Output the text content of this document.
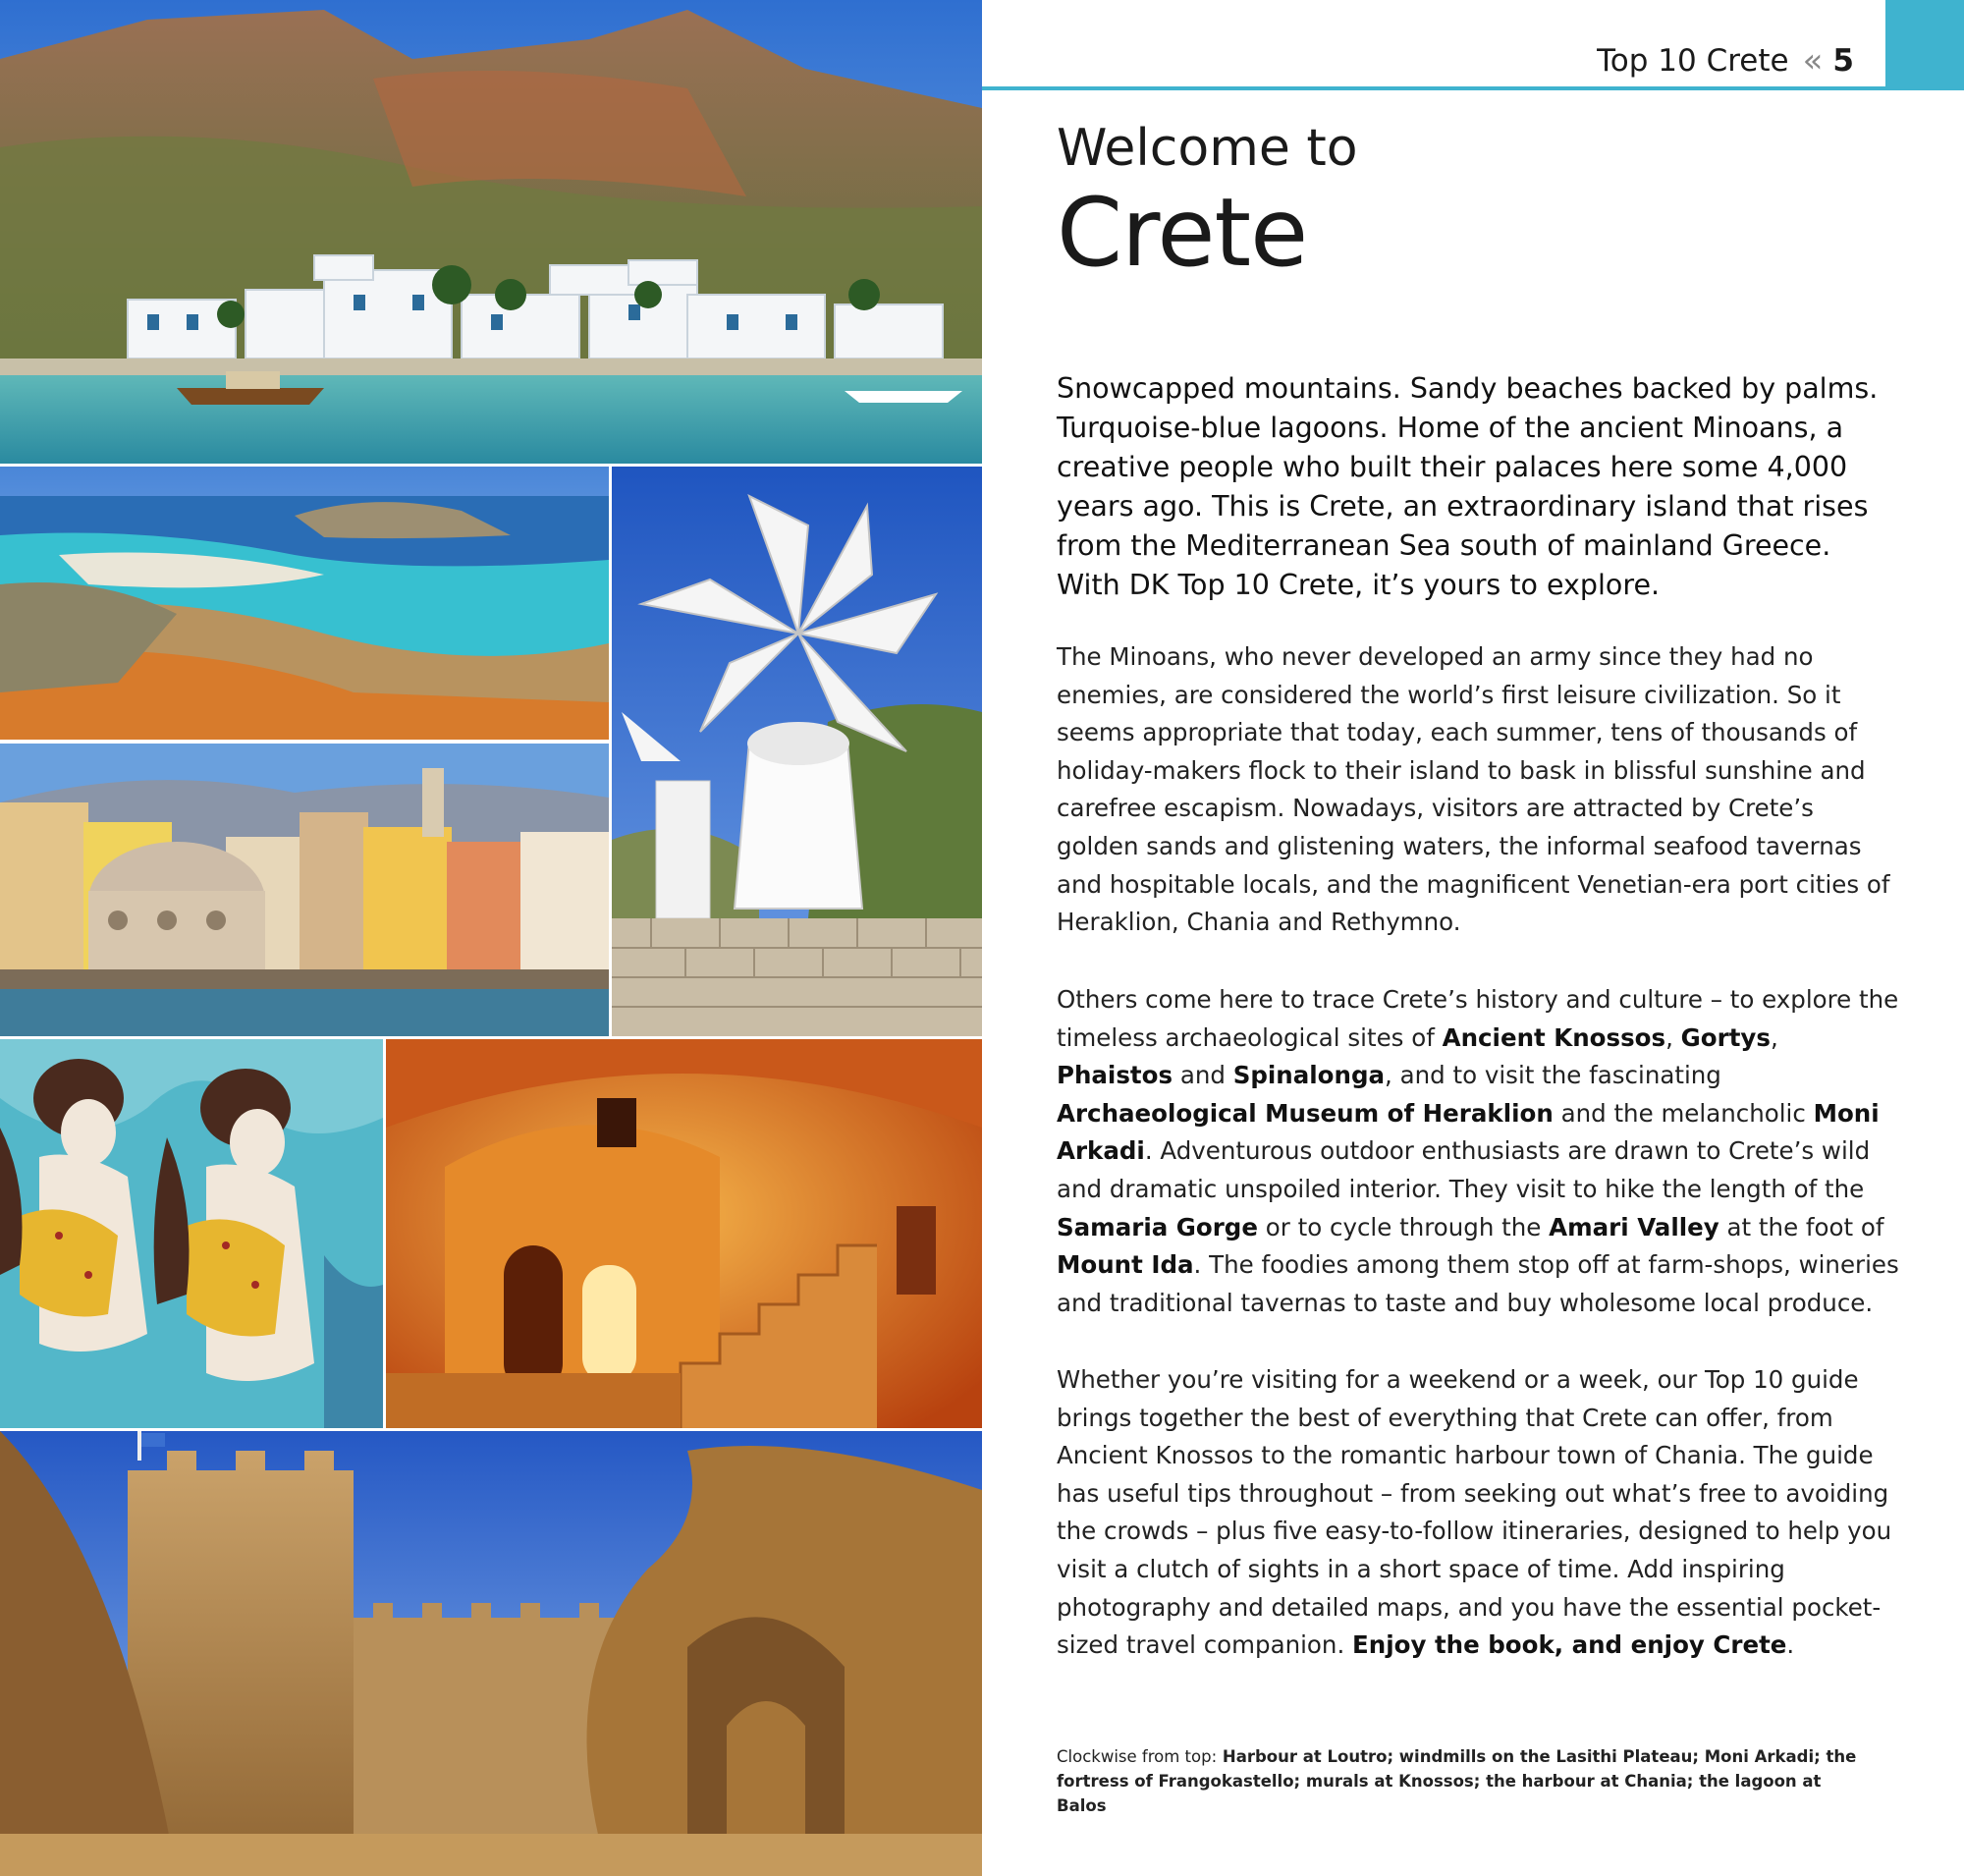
Top 10 Crete « 5
Welcome to
Crete

Snowcapped mountains. Sandy beaches backed by palms. Turquoise-blue lagoons. Home of the ancient Minoans, a creative people who built their palaces here some 4,000 years ago. This is Crete, an extraordinary island that rises from the Mediterranean Sea south of mainland Greece. With DK Top 10 Crete, it’s yours to explore.

The Minoans, who never developed an army since they had no enemies, are considered the world’s first leisure civilization. So it seems appropriate that today, each summer, tens of thousands of holiday-makers flock to their island to bask in blissful sunshine and carefree escapism. Nowadays, visitors are attracted by Crete’s golden sands and glistening waters, the informal seafood tavernas and hospitable locals, and the magnificent Venetian-era port cities of Heraklion, Chania and Rethymno.

Others come here to trace Crete’s history and culture – to explore the timeless archaeological sites of Ancient Knossos, Gortys, Phaistos and Spinalonga, and to visit the fascinating Archaeological Museum of Heraklion and the melancholic Moni Arkadi. Adventurous outdoor enthusiasts are drawn to Crete’s wild and dramatic unspoiled interior. They visit to hike the length of the Samaria Gorge or to cycle through the Amari Valley at the foot of Mount Ida. The foodies among them stop off at farm-shops, wineries and traditional tavernas to taste and buy wholesome local produce.

Whether you’re visiting for a weekend or a week, our Top 10 guide brings together the best of everything that Crete can offer, from Ancient Knossos to the romantic harbour town of Chania. The guide has useful tips throughout – from seeking out what’s free to avoiding the crowds – plus five easy-to-follow itineraries, designed to help you visit a clutch of sights in a short space of time. Add inspiring photography and detailed maps, and you have the essential pocket-sized travel companion. Enjoy the book, and enjoy Crete.

Clockwise from top: Harbour at Loutro; windmills on the Lasithi Plateau; Moni Arkadi; the fortress of Frangokastello; murals at Knossos; the harbour at Chania; the lagoon at Balos
